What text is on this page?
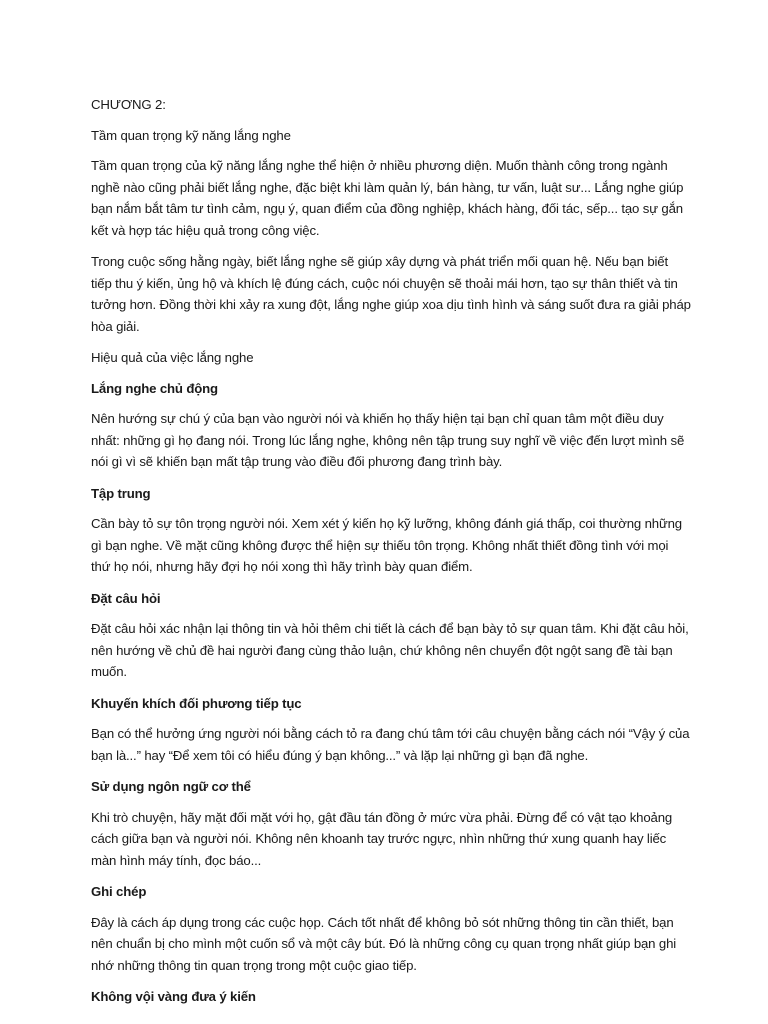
CHƯƠNG 2:

Tầm quan trọng kỹ năng lắng nghe

Tầm quan trọng của kỹ năng lắng nghe thể hiện ở nhiều phương diện. Muốn thành công trong ngành nghề nào cũng phải biết lắng nghe, đặc biệt khi làm quản lý, bán hàng, tư vấn, luật sư... Lắng nghe giúp bạn nắm bắt tâm tư tình cảm, ngụ ý, quan điểm của đồng nghiệp, khách hàng, đối tác, sếp... tạo sự gắn kết và hợp tác hiệu quả trong công việc.

Trong cuộc sống hằng ngày, biết lắng nghe sẽ giúp xây dựng và phát triển mối quan hệ. Nếu bạn biết tiếp thu ý kiến, ủng hộ và khích lệ đúng cách, cuộc nói chuyện sẽ thoải mái hơn, tạo sự thân thiết và tin tưởng hơn. Đồng thời khi xảy ra xung đột, lắng nghe giúp xoa dịu tình hình và sáng suốt đưa ra giải pháp hòa giải.

Hiệu quả của việc lắng nghe

Lắng nghe chủ động

Nên hướng sự chú ý của bạn vào người nói và khiến họ thấy hiện tại bạn chỉ quan tâm một điều duy nhất: những gì họ đang nói. Trong lúc lắng nghe, không nên tập trung suy nghĩ về việc đến lượt mình sẽ nói gì vì sẽ khiến bạn mất tập trung vào điều đối phương đang trình bày.

Tập trung

Cần bày tỏ sự tôn trọng người nói. Xem xét ý kiến họ kỹ lưỡng, không đánh giá thấp, coi thường những gì bạn nghe. Về mặt cũng không được thể hiện sự thiếu tôn trọng. Không nhất thiết đồng tình với mọi thứ họ nói, nhưng hãy đợi họ nói xong thì hãy trình bày quan điểm.

Đặt câu hỏi

Đặt câu hỏi xác nhận lại thông tin và hỏi thêm chi tiết là cách để bạn bày tỏ sự quan tâm. Khi đặt câu hỏi, nên hướng về chủ đề hai người đang cùng thảo luận, chứ không nên chuyển đột ngột sang đề tài bạn muốn.

Khuyến khích đối phương tiếp tục

Bạn có thể hưởng ứng người nói bằng cách tỏ ra đang chú tâm tới câu chuyện bằng cách nói “Vậy ý của bạn là...” hay “Để xem tôi có hiểu đúng ý bạn không...” và lặp lại những gì bạn đã nghe.

Sử dụng ngôn ngữ cơ thể

Khi trò chuyện, hãy mặt đối mặt với họ, gật đầu tán đồng ở mức vừa phải. Đừng để có vật tạo khoảng cách giữa bạn và người nói. Không nên khoanh tay trước ngực, nhìn những thứ xung quanh hay liếc màn hình máy tính, đọc báo...

Ghi chép

Đây là cách áp dụng trong các cuộc họp. Cách tốt nhất để không bỏ sót những thông tin cần thiết, bạn nên chuẩn bị cho mình một cuốn sổ và một cây bút. Đó là những công cụ quan trọng nhất giúp bạn ghi nhớ những thông tin quan trọng trong một cuộc giao tiếp.

Không vội vàng đưa ý kiến
